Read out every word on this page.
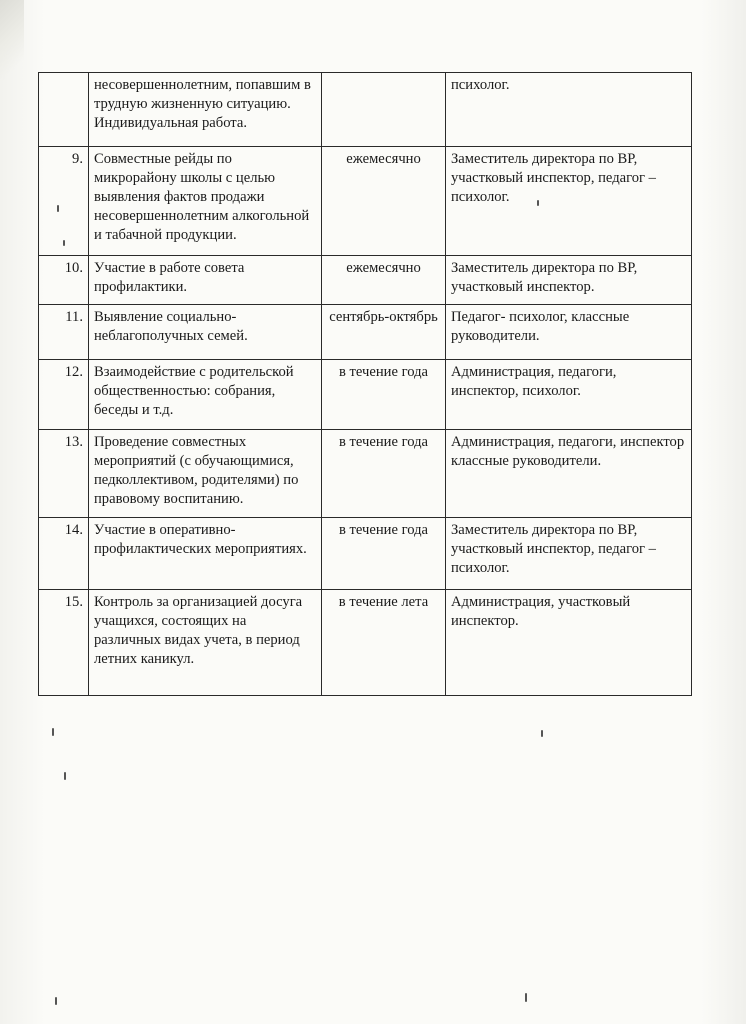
	несовершеннолетним, попавшим в трудную жизненную ситуацию. Индивидуальная работа.		психолог.
9.	Совместные рейды по микрорайону школы с целью выявления фактов продажи несовершеннолетним алкогольной и табачной продукции.	ежемесячно	Заместитель директора по ВР, участковый инспектор, педагог – психолог.
10.	Участие в работе совета профилактики.	ежемесячно	Заместитель директора по ВР, участковый инспектор.
11.	Выявление социально-неблагополучных семей.	сентябрь-октябрь	Педагог- психолог, классные руководители.
12.	Взаимодействие с родительской общественностью: собрания, беседы и т.д.	в течение года	Администрация, педагоги, инспектор, психолог.
13.	Проведение совместных мероприятий (с обучающимися, педколлективом, родителями) по правовому воспитанию.	в течение года	Администрация, педагоги, инспектор классные руководители.
14.	Участие в оперативно-профилактических мероприятиях.	в течение года	Заместитель директора по ВР, участковый инспектор, педагог – психолог.
15.	Контроль за организацией досуга учащихся, состоящих на различных видах учета, в период летних каникул.	в течение лета	Администрация, участковый инспектор.
